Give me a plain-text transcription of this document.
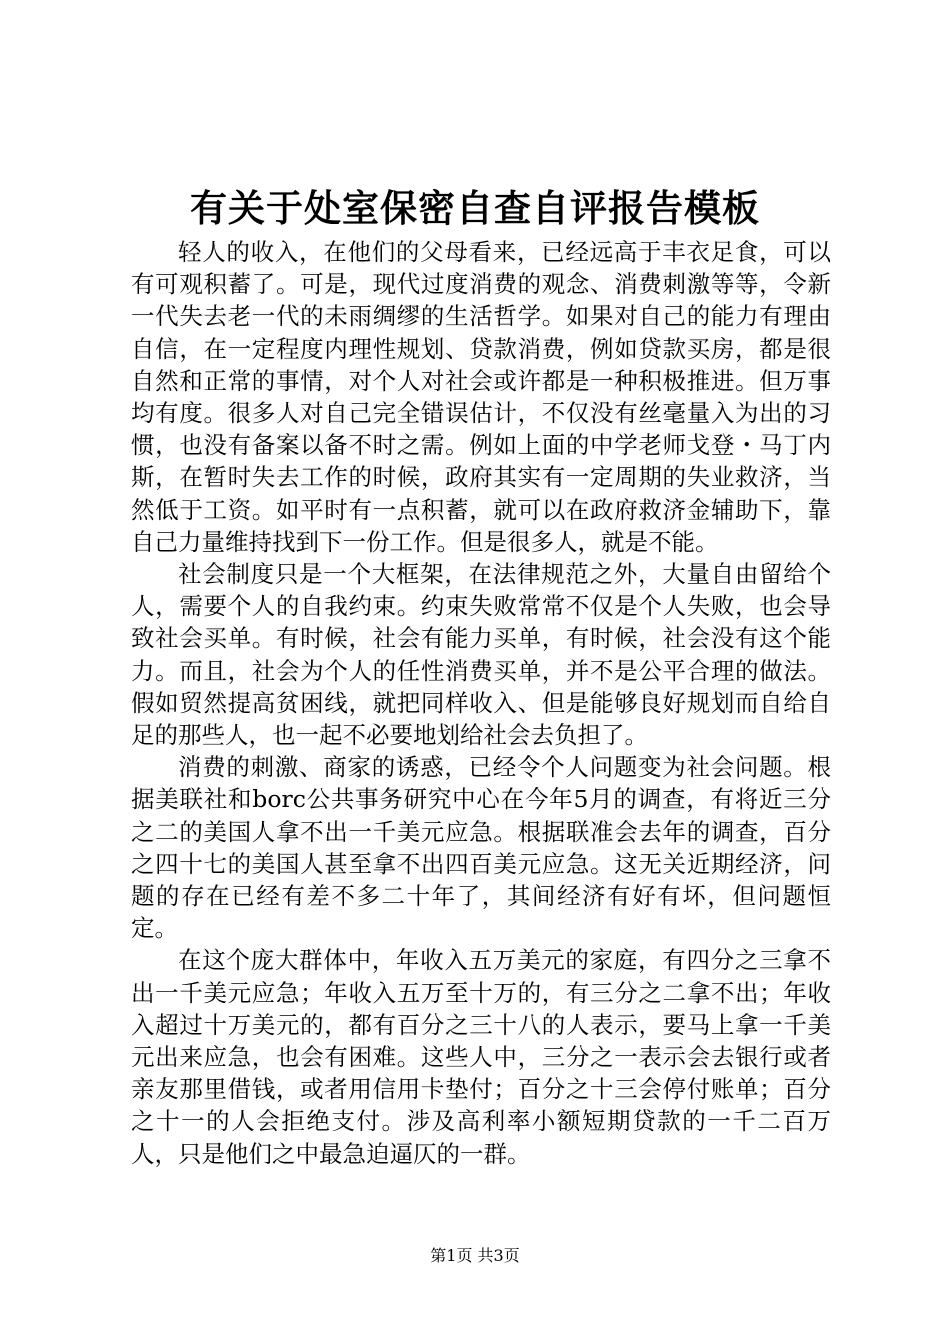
有关于处室保密自查自评报告模板

轻人的收入，在他们的父母看来，已经远高于丰衣足食，可以有可观积蓄了。可是，现代过度消费的观念、消费刺激等等，令新一代失去老一代的未雨绸缪的生活哲学。如果对自己的能力有理由自信，在一定程度内理性规划、贷款消费，例如贷款买房，都是很自然和正常的事情，对个人对社会或许都是一种积极推进。但万事均有度。很多人对自己完全错误估计，不仅没有丝毫量入为出的习惯，也没有备案以备不时之需。例如上面的中学老师戈登・马丁内斯，在暂时失去工作的时候，政府其实有一定周期的失业救济，当然低于工资。如平时有一点积蓄，就可以在政府救济金辅助下，靠自己力量维持找到下一份工作。但是很多人，就是不能。

社会制度只是一个大框架，在法律规范之外，大量自由留给个人，需要个人的自我约束。约束失败常常不仅是个人失败，也会导致社会买单。有时候，社会有能力买单，有时候，社会没有这个能力。而且，社会为个人的任性消费买单，并不是公平合理的做法。假如贸然提高贫困线，就把同样收入、但是能够良好规划而自给自足的那些人，也一起不必要地划给社会去负担了。

消费的刺激、商家的诱惑，已经令个人问题变为社会问题。根据美联社和borc公共事务研究中心在今年5月的调查，有将近三分之二的美国人拿不出一千美元应急。根据联准会去年的调查，百分之四十七的美国人甚至拿不出四百美元应急。这无关近期经济，问题的存在已经有差不多二十年了，其间经济有好有坏，但问题恒定。

在这个庞大群体中，年收入五万美元的家庭，有四分之三拿不出一千美元应急；年收入五万至十万的，有三分之二拿不出；年收入超过十万美元的，都有百分之三十八的人表示，要马上拿一千美元出来应急，也会有困难。这些人中，三分之一表示会去银行或者亲友那里借钱，或者用信用卡垫付；百分之十三会停付账单；百分之十一的人会拒绝支付。涉及高利率小额短期贷款的一千二百万人，只是他们之中最急迫逼仄的一群。

第1页 共3页
